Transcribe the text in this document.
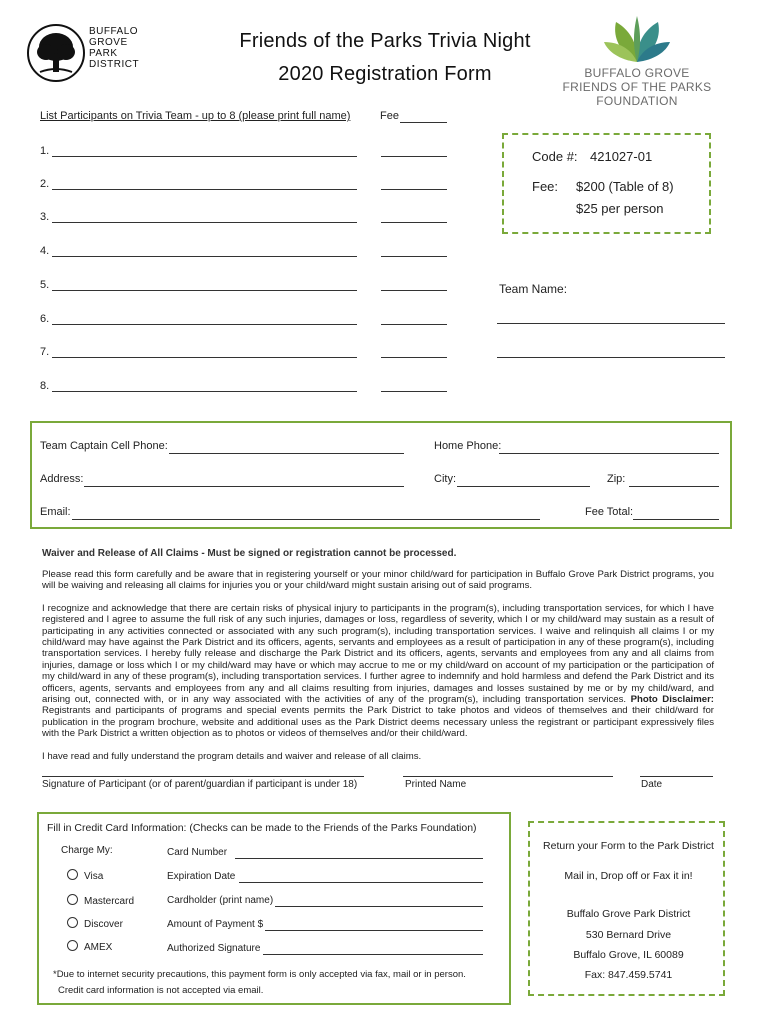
BUFFALO
GROVE
PARK
DISTRICT
Friends of the Parks Trivia Night
2020 Registration Form	BUFFALO GROVE
FRIENDS OF THE PARKS
FOUNDATION
List Participants on Trivia Team - up to 8 (please print full name)	Fee
1.
2.
3.
4.
5.
6.
7.
8.
Code #: 421027-01
Fee: $200 (Table of 8)
$25 per person
Team Name:
Team Captain Cell Phone:	Home Phone:
Address:	City:	Zip:
Email:	Fee Total:
Waiver and Release of All Claims - Must be signed or registration cannot be processed.

Please read this form carefully and be aware that in registering yourself or your minor child/ward for participation in Buffalo Grove Park District programs, you will be waiving and releasing all claims for injuries you or your child/ward might sustain arising out of said programs.

I recognize and acknowledge that there are certain risks of physical injury to participants in the program(s), including transportation services, for which I have registered and I agree to assume the full risk of any such injuries, damages or loss, regardless of severity, which I or my child/ward may sustain as a result of participating in any activities connected or associated with any such program(s), including transportation services. I waive and relinquish all claims I or my child/ward may have against the Park District and its officers, agents, servants and employees as a result of participation in any of these program(s), including transportation services. I hereby fully release and discharge the Park District and its officers, agents, servants and employees from any and all claims from injuries, damage or loss which I or my child/ward may have or which may accrue to me or my child/ward on account of my participation or the participation of my child/ward in any of these program(s), including transportation services. I further agree to indemnify and hold harmless and defend the Park District and its officers, agents, servants and employees from any and all claims resulting from injuries, damages and losses sustained by me or by my child/ward, and arising out, connected with, or in any way associated with the activities of any of the program(s), including transportation services. Photo Disclaimer: Registrants and participants of programs and special events permits the Park District to take photos and videos of themselves and their child/ward for publication in the program brochure, website and additional uses as the Park District deems necessary unless the registrant or participant expressively files with the Park District a written objection as to photos or videos of themselves and/or their child/ward.

I have read and fully understand the program details and waiver and release of all claims.

Signature of Participant (or of parent/guardian if participant is under 18)	Printed Name	Date
Fill in Credit Card Information: (Checks can be made to the Friends of the Parks Foundation)
Charge My:
Visa
Mastercard
Discover
AMEX
Card Number
Expiration Date
Cardholder (print name)
Amount of Payment $
Authorized Signature
*Due to internet security precautions, this payment form is only accepted via fax, mail or in person.
Credit card information is not accepted via email.
Return your Form to the Park District
Mail in, Drop off or Fax it in!
Buffalo Grove Park District
530 Bernard Drive
Buffalo Grove, IL 60089
Fax: 847.459.5741
